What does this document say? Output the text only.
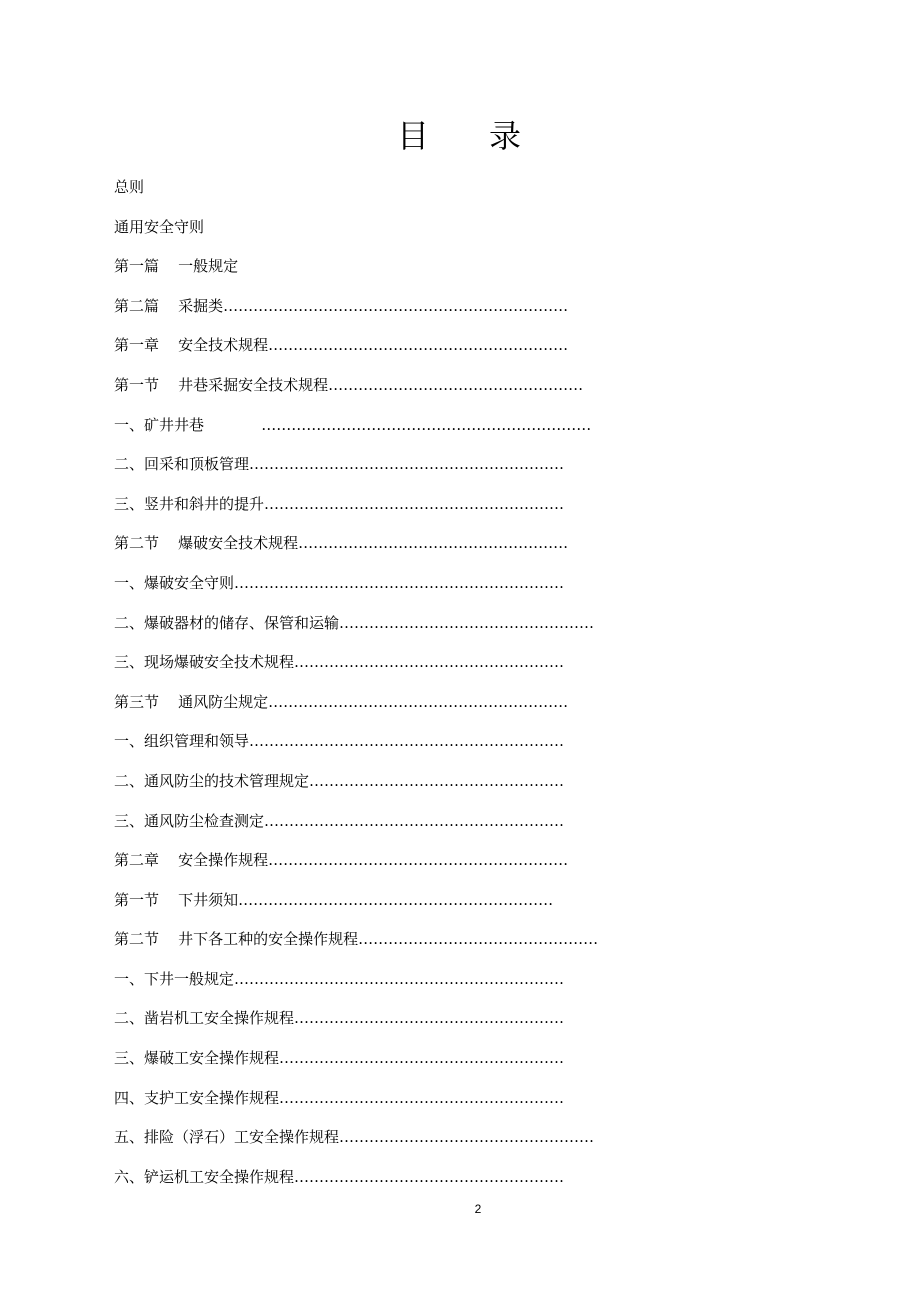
目 录
总则
通用安全守则
第一篇    一般规定
第二篇    采掘类……………………………………………………………
第一章    安全技术规程……………………………………………………
第一节    井巷采掘安全技术规程……………………………………………
一、矿井井巷            …………………………………………………………
二、回采和顶板管理………………………………………………………
三、竖井和斜井的提升……………………………………………………
第二节    爆破安全技术规程………………………………………………
一、爆破安全守则…………………………………………………………
二、爆破器材的储存、保管和运输……………………………………………
三、现场爆破安全技术规程………………………………………………
第三节    通风防尘规定……………………………………………………
一、组织管理和领导………………………………………………………
二、通风防尘的技术管理规定……………………………………………
三、通风防尘检查测定……………………………………………………
第二章    安全操作规程……………………………………………………
第一节    下井须知………………………………………………………
第二节    井下各工种的安全操作规程…………………………………………
一、下井一般规定…………………………………………………………
二、凿岩机工安全操作规程………………………………………………
三、爆破工安全操作规程…………………………………………………
四、支护工安全操作规程…………………………………………………
五、排险（浮石）工安全操作规程……………………………………………
六、铲运机工安全操作规程………………………………………………
2
